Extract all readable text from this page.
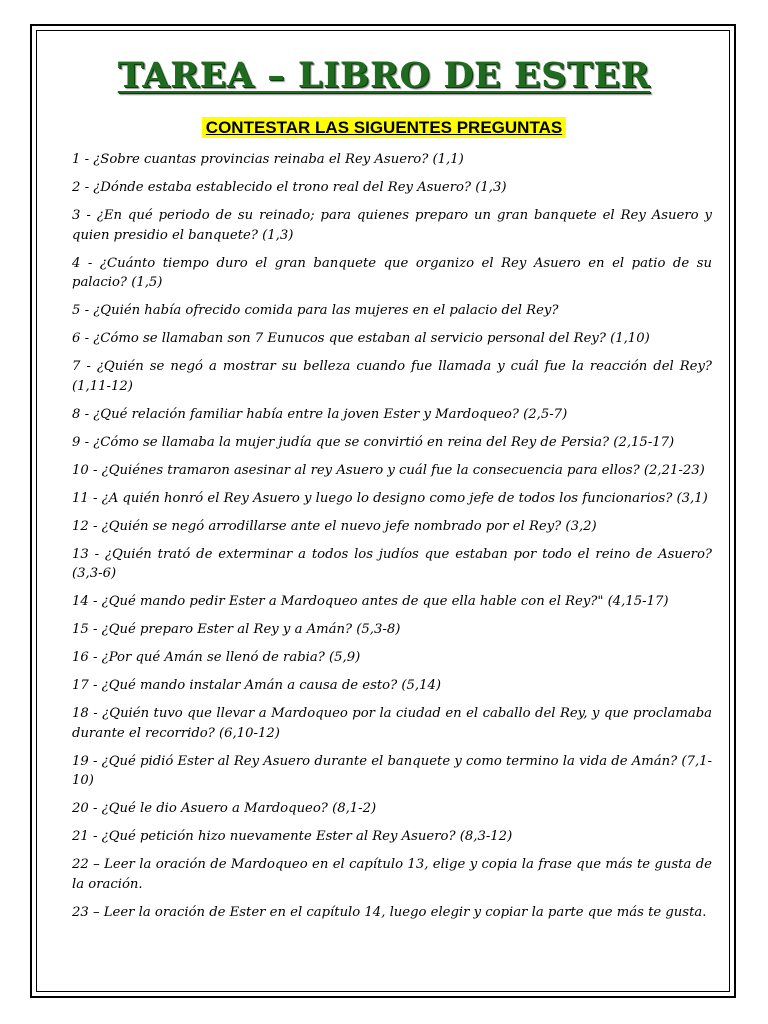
TAREA – LIBRO DE ESTER
CONTESTAR LAS SIGUENTES PREGUNTAS
1 - ¿Sobre cuantas provincias reinaba el Rey Asuero? (1,1)
2 - ¿Dónde estaba establecido el trono real del Rey Asuero? (1,3)
3 - ¿En qué periodo de su reinado; para quienes preparo un gran banquete el Rey Asuero y quien presidio el banquete? (1,3)
4 - ¿Cuánto tiempo duro el gran banquete que organizo el Rey Asuero en el patio de su palacio? (1,5)
5 - ¿Quién había ofrecido comida para las mujeres en el palacio del Rey?
6 - ¿Cómo se llamaban son 7 Eunucos que estaban al servicio personal del Rey? (1,10)
7 - ¿Quién se negó a mostrar su belleza cuando fue llamada y cuál fue la reacción del Rey? (1,11-12)
8 - ¿Qué relación familiar había entre la joven Ester y Mardoqueo? (2,5-7)
9 - ¿Cómo se llamaba la mujer judía que se convirtió en reina del Rey de Persia? (2,15-17)
10 - ¿Quiénes tramaron asesinar al rey Asuero y cuál fue la consecuencia para ellos? (2,21-23)
11 - ¿A quién honró el Rey Asuero y luego lo designo como jefe de todos los funcionarios? (3,1)
12 - ¿Quién se negó arrodillarse ante el nuevo jefe nombrado por el Rey? (3,2)
13 - ¿Quién trató de exterminar a todos los judíos que estaban por todo el reino de Asuero? (3,3-6)
14 - ¿Qué mando pedir Ester a Mardoqueo antes de que ella hable con el Rey?" (4,15-17)
15 - ¿Qué preparo Ester al Rey y a Amán? (5,3-8)
16 - ¿Por qué Amán se llenó de rabia? (5,9)
17 - ¿Qué mando instalar Amán a causa de esto? (5,14)
18 - ¿Quién tuvo que llevar a Mardoqueo por la ciudad en el caballo del Rey, y que proclamaba durante el recorrido? (6,10-12)
19 - ¿Qué pidió Ester al Rey Asuero durante el banquete y como termino la vida de Amán? (7,1-10)
20 - ¿Qué le dio Asuero a Mardoqueo? (8,1-2)
21 - ¿Qué petición hizo nuevamente Ester al Rey Asuero? (8,3-12)
22 – Leer la oración de Mardoqueo en el capítulo 13, elige y copia la frase que más te gusta de la oración.
23 – Leer la oración de Ester en el capítulo 14, luego elegir y copiar la parte que más te gusta.
